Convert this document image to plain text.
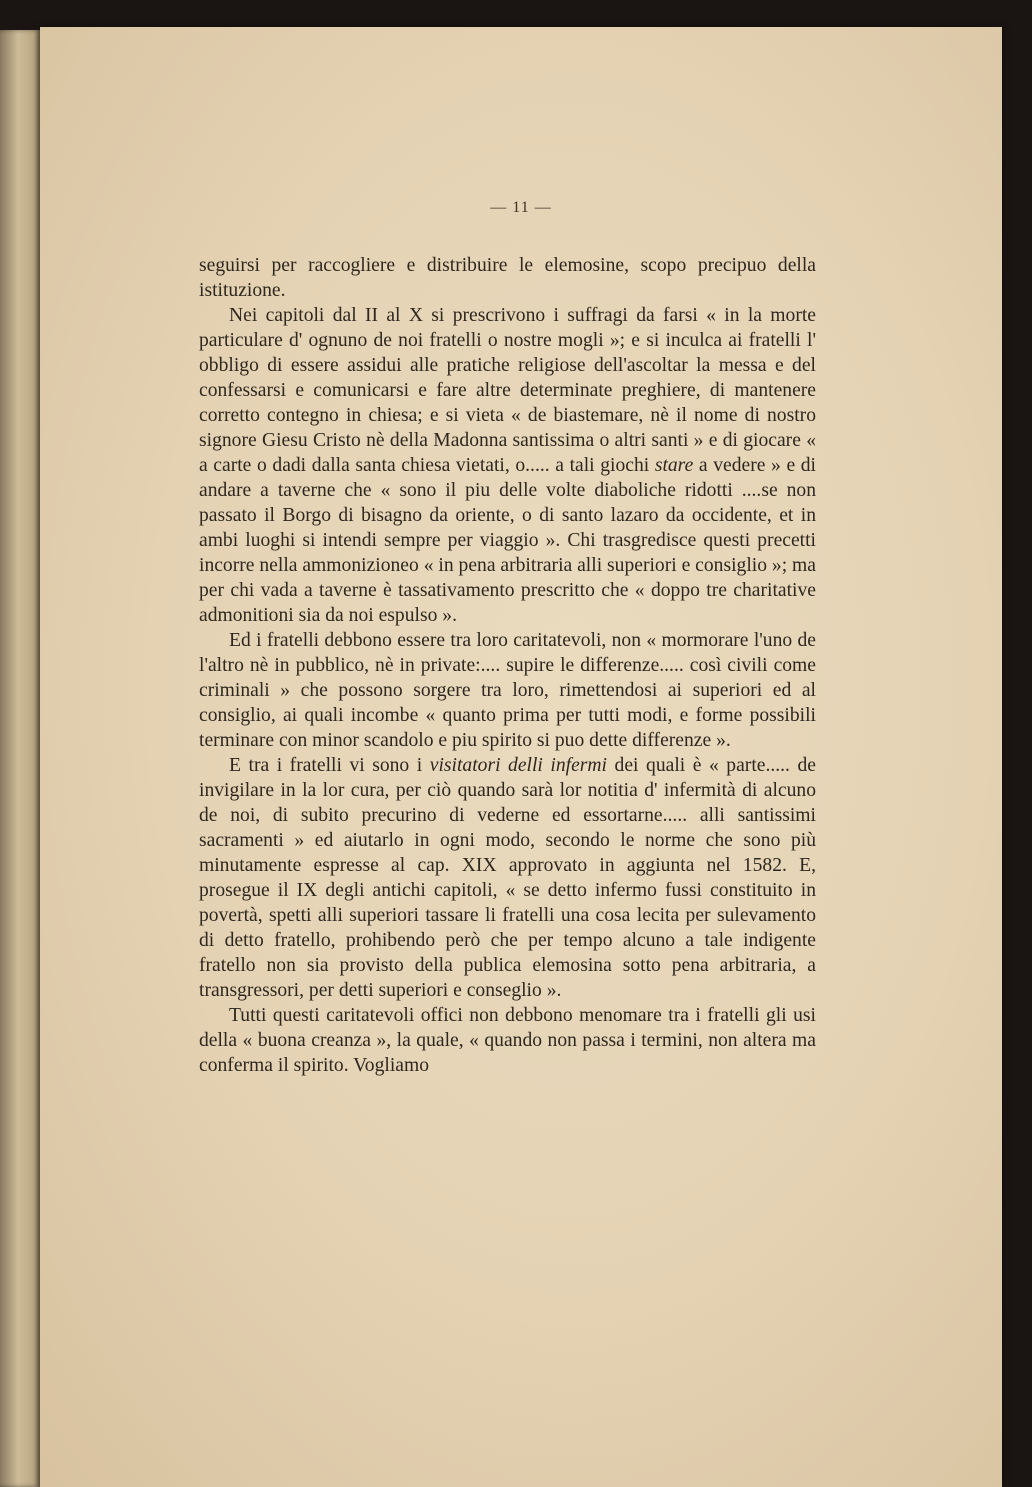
— 11 —

seguirsi per raccogliere e distribuire le elemosine, scopo precipuo della istituzione.

Nei capitoli dal II al X si prescrivono i suffragi da farsi « in la morte particulare d' ognuno de noi fratelli o nostre mogli »; e si inculca ai fratelli l' obbligo di essere assidui alle pratiche religiose dell'ascoltar la messa e del confessarsi e comunicarsi e fare altre determinate preghiere, di mantenere corretto contegno in chiesa; e si vieta « de biastemare, nè il nome di nostro signore Giesu Cristo nè della Madonna santissima o altri santi » e di giocare « a carte o dadi dalla santa chiesa vietati, o..... a tali giochi stare a vedere » e di andare a taverne che « sono il piu delle volte diaboliche ridotti ....se non passato il Borgo di bisagno da oriente, o di santo lazaro da occidente, et in ambi luoghi si intendi sempre per viaggio ». Chi trasgredisce questi precetti incorre nella ammonizioneo « in pena arbitraria alli superiori e consiglio »; ma per chi vada a taverne è tassativamento prescritto che « doppo tre charitative admonitioni sia da noi espulso ».

Ed i fratelli debbono essere tra loro caritatevoli, non « mormorare l'uno de l'altro nè in pubblico, nè in private:.... supire le differenze..... così civili come criminali » che possono sorgere tra loro, rimettendosi ai superiori ed al consiglio, ai quali incombe « quanto prima per tutti modi, e forme possibili terminare con minor scandolo e piu spirito si puo dette differenze ».

E tra i fratelli vi sono i visitatori delli infermi dei quali è « parte..... de invigilare in la lor cura, per ciò quando sarà lor notitia d' infermità di alcuno de noi, di subito precurino di vederne ed essortarne..... alli santissimi sacramenti » ed aiutarlo in ogni modo, secondo le norme che sono più minutamente espresse al cap. XIX approvato in aggiunta nel 1582. E, prosegue il IX degli antichi capitoli, « se detto infermo fussi constituito in povertà, spetti alli superiori tassare li fratelli una cosa lecita per sulevamento di detto fratello, prohibendo però che per tempo alcuno a tale indigente fratello non sia provisto della publica elemosina sotto pena arbitraria, a transgressori, per detti superiori e conseglio ».

Tutti questi caritatevoli offici non debbono menomare tra i fratelli gli usi della « buona creanza », la quale, « quando non passa i termini, non altera ma conferma il spirito. Vogliamo
